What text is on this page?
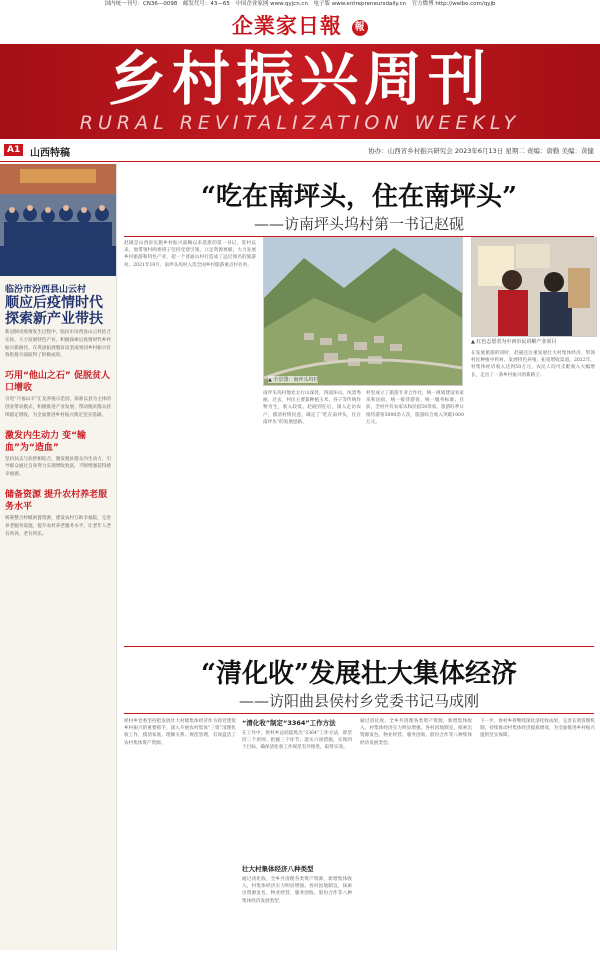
国内统一刊号：CN36—0098　邮发代号：43—65　中国企业家网 www.qyjcn.cn　电子版 www.entrepreneursdaily.cn　官方微博 http://weibo.com/qyjb
企業家日報 報
乡村振兴周刊
RURAL REVITALIZATION WEEKLY
A1 山西特稿	协办：山西省乡村振兴研究会 2023年6月13日 星期二 责编：唐勤 美编：黄健
临汾市汾西县山云村
顺应后疫情时代 探索新产业带扶
新冠肺炎疫情发生过程中，临汾市汾西县山云村结合实际，大力发展特色产业，积极探索后疫情时代乡村振兴新路径，在巩固拓展脱贫攻坚成果同乡村振兴有效衔接方面取得了积极成效。
巧用“他山之石” 促脱贫人口增收
引进“月福山羊”汇龙养殖示范园，探索以县为主体的创业带动模式，积极推进产业发展、带动脱贫群众持续稳定增收，为全面推进乡村振兴奠定坚实基础。
激发内生动力 变“输血”为“造血”
坚持扶志与扶智相结合，激发脱贫群众内生动力，引导群众通过自身努力实现增收致富，不断增强获得感幸福感。
储备资源 提升农村养老服务水平
统筹整合村级闲置资源，建设农村互助幸福院，完善养老服务设施，提升农村养老服务水平，让老年人老有所养、老有所乐。
“吃在南坪头，住在南坪头”
——访南坪头坞村第一书记赵砚
赵砚是山西省实施乡村振兴战略以来选派的第一书记，驻村以来，他带领村两委班子坚持党建引领，立足资源禀赋，大力发展乡村旅游和特色产业，把一个普通山村打造成了远近闻名的旅游村。2021年10月，南坪头坞村入选全国乡村旅游重点村名单。
▲ 全景图：南坪头坞村
▲ 红色志愿者为中西市民讲解产业项目
南坪头坞村地处太行山深处，四面环山，风景秀丽。过去，村民主要靠种植玉米、谷子等传统作物为生，收入较低。赵砚到任后，深入走访农户，摸清村情民意，确定了“吃在南坪头，住在南坪头”的发展思路。
村里成立了旅游专业合作社，统一规划建设农家乐和民宿，统一接待游客，统一服务标准。目前，全村共有农家乐和民宿50余家，旅游旺季日接待游客3000余人次，旅游综合收入突破1000万元。
在发展旅游的同时，赵砚还注重发展壮大村集体经济，带领村民种植中药材、发展特色养殖，拓宽增收渠道。2022年，村集体经济收入达到50万元，农民人均可支配收入大幅增长，走出了一条乡村振兴的新路子。
“清化收”发展壮大集体经济
——访阳曲县侯村乡党委书记马成刚
侯村乡党委坚持把发展壮大村级集体经济作为抓党建促乡村振兴的重要抓手，深入开展农村集体“三资”清理化收工作，摸清家底、理顺关系、规范管理，有效盘活了农村集体资产资源。
“清化收”制定“3364”工作方法
在工作中，侯村乡总结提炼出“3364”工作方法，即坚持三个原则、把握三个环节、落实六项措施、实现四个目标，确保清化收工作规范有序推进，取得实效。
壮大村集体经济八种类型
通过清化收，全乡共清理各类资产资源，新增集体收入，村集体经济实力明显增强。各村因地制宜，探索出资源发包、物业经营、服务创收、股份合作等八种集体经济发展类型。
通过清化收，全乡共清理各类资产资源，新增集体收入，村集体经济实力明显增强。各村因地制宜，探索出资源发包、物业经营、服务创收、股份合作等八种集体经济发展类型。
下一步，侯村乡将继续深化清化收成果，完善长效管理机制，持续推动村集体经济提质增效，为全面推进乡村振兴提供坚实保障。
